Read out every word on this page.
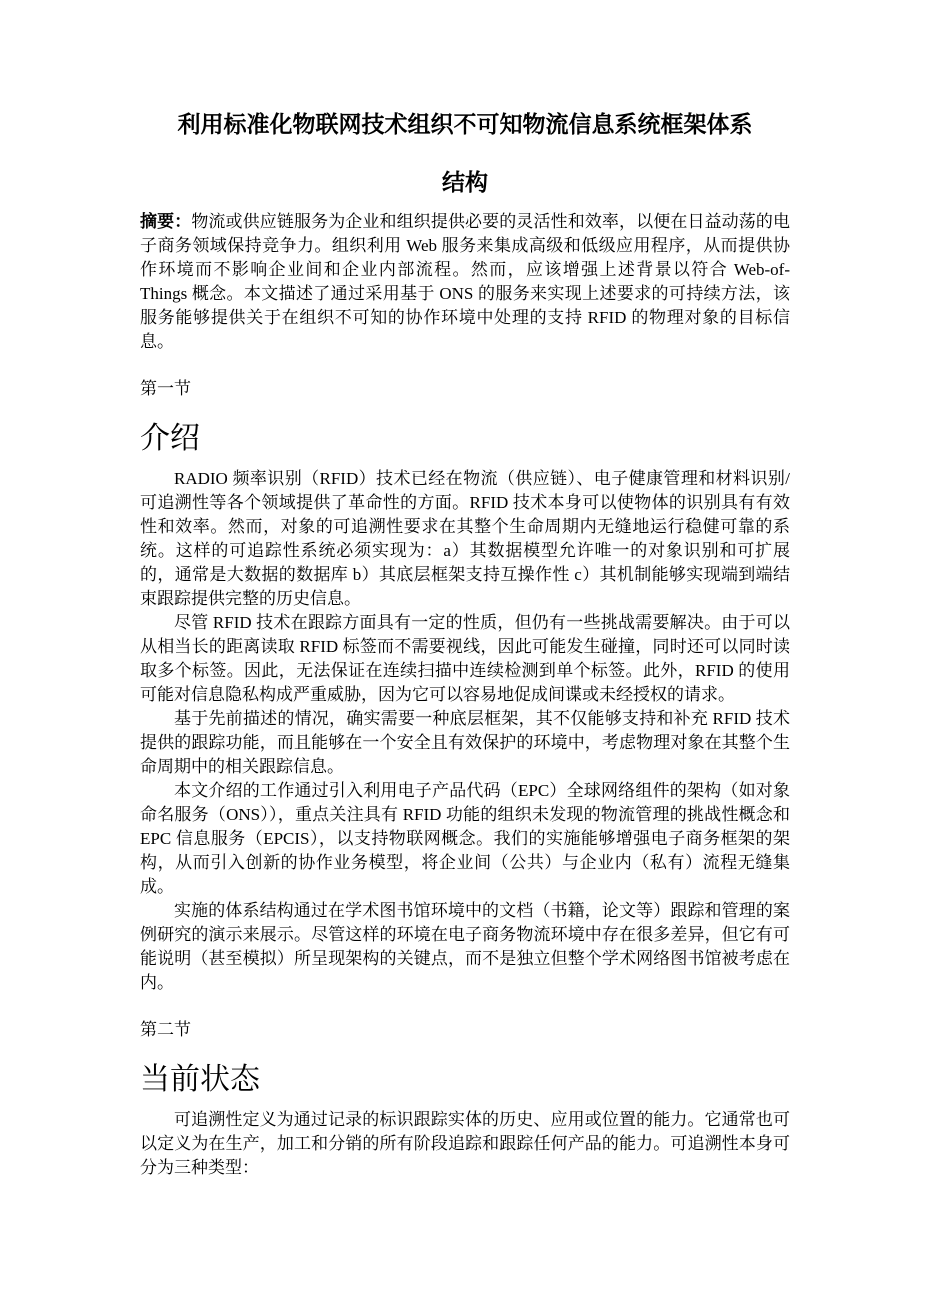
利用标准化物联网技术组织不可知物流信息系统框架体系
结构

摘要：物流或供应链服务为企业和组织提供必要的灵活性和效率，以便在日益动荡的电子商务领域保持竞争力。组织利用 Web 服务来集成高级和低级应用程序，从而提供协作环境而不影响企业间和企业内部流程。然而，应该增强上述背景以符合 Web-of-Things 概念。本文描述了通过采用基于 ONS 的服务来实现上述要求的可持续方法，该服务能够提供关于在组织不可知的协作环境中处理的支持 RFID 的物理对象的目标信息。

第一节
介绍

RADIO 频率识别（RFID）技术已经在物流（供应链）、电子健康管理和材料识别/可追溯性等各个领域提供了革命性的方面。RFID 技术本身可以使物体的识别具有有效性和效率。然而，对象的可追溯性要求在其整个生命周期内无缝地运行稳健可靠的系统。这样的可追踪性系统必须实现为：a）其数据模型允许唯一的对象识别和可扩展的，通常是大数据的数据库 b）其底层框架支持互操作性 c）其机制能够实现端到端结束跟踪提供完整的历史信息。

尽管 RFID 技术在跟踪方面具有一定的性质，但仍有一些挑战需要解决。由于可以从相当长的距离读取 RFID 标签而不需要视线，因此可能发生碰撞，同时还可以同时读取多个标签。因此，无法保证在连续扫描中连续检测到单个标签。此外，RFID 的使用可能对信息隐私构成严重威胁，因为它可以容易地促成间谍或未经授权的请求。

基于先前描述的情况，确实需要一种底层框架，其不仅能够支持和补充 RFID 技术提供的跟踪功能，而且能够在一个安全且有效保护的环境中，考虑物理对象在其整个生命周期中的相关跟踪信息。

本文介绍的工作通过引入利用电子产品代码（EPC）全球网络组件的架构（如对象命名服务（ONS）），重点关注具有 RFID 功能的组织未发现的物流管理的挑战性概念和 EPC 信息服务（EPCIS），以支持物联网概念。我们的实施能够增强电子商务框架的架构，从而引入创新的协作业务模型，将企业间（公共）与企业内（私有）流程无缝集成。

实施的体系结构通过在学术图书馆环境中的文档（书籍，论文等）跟踪和管理的案例研究的演示来展示。尽管这样的环境在电子商务物流环境中存在很多差异，但它有可能说明（甚至模拟）所呈现架构的关键点，而不是独立但整个学术网络图书馆被考虑在内。

第二节
当前状态

可追溯性定义为通过记录的标识跟踪实体的历史、应用或位置的能力。它通常也可以定义为在生产，加工和分销的所有阶段追踪和跟踪任何产品的能力。可追溯性本身可分为三种类型：
